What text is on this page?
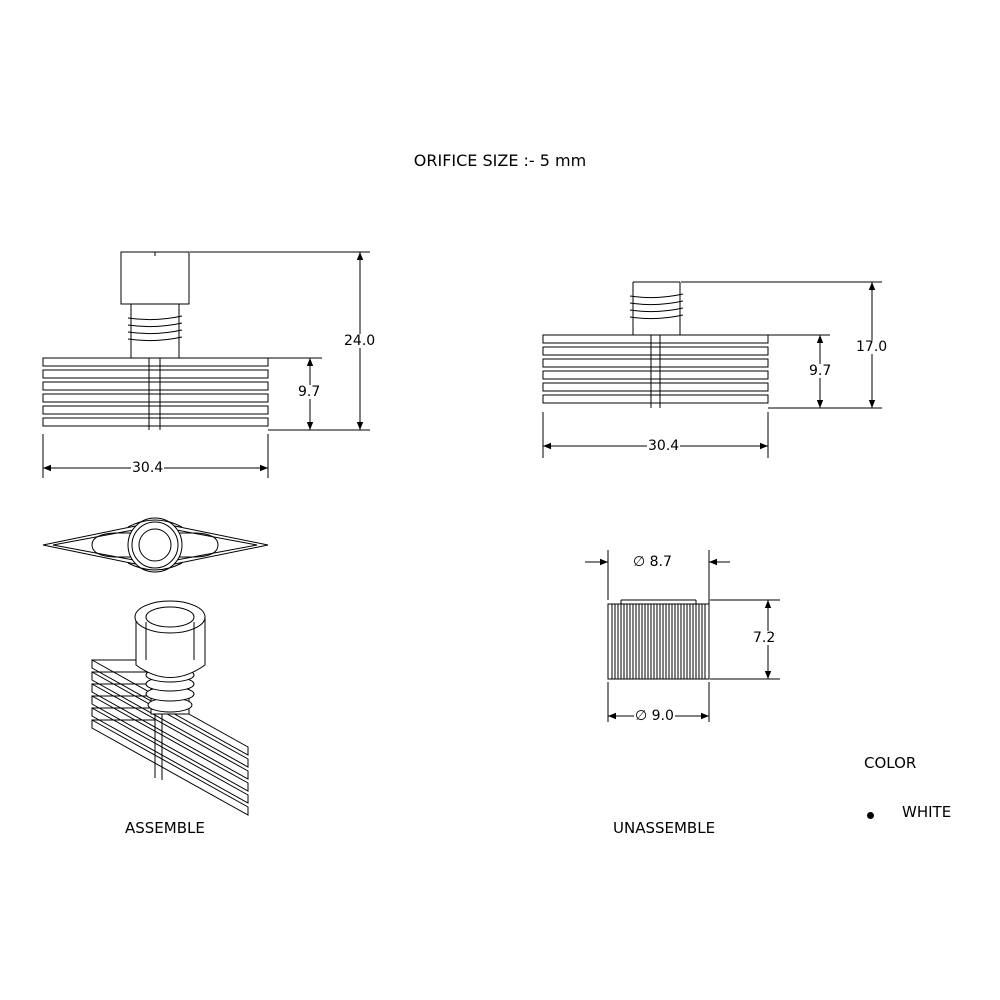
ORIFICE SIZE :- 5 mm
24.0
9.7
30.4
17.0
9.7
30.4
∅ 8.7
7.2
∅ 9.0
ASSEMBLE	UNASSEMBLE
COLOR
WHITE
